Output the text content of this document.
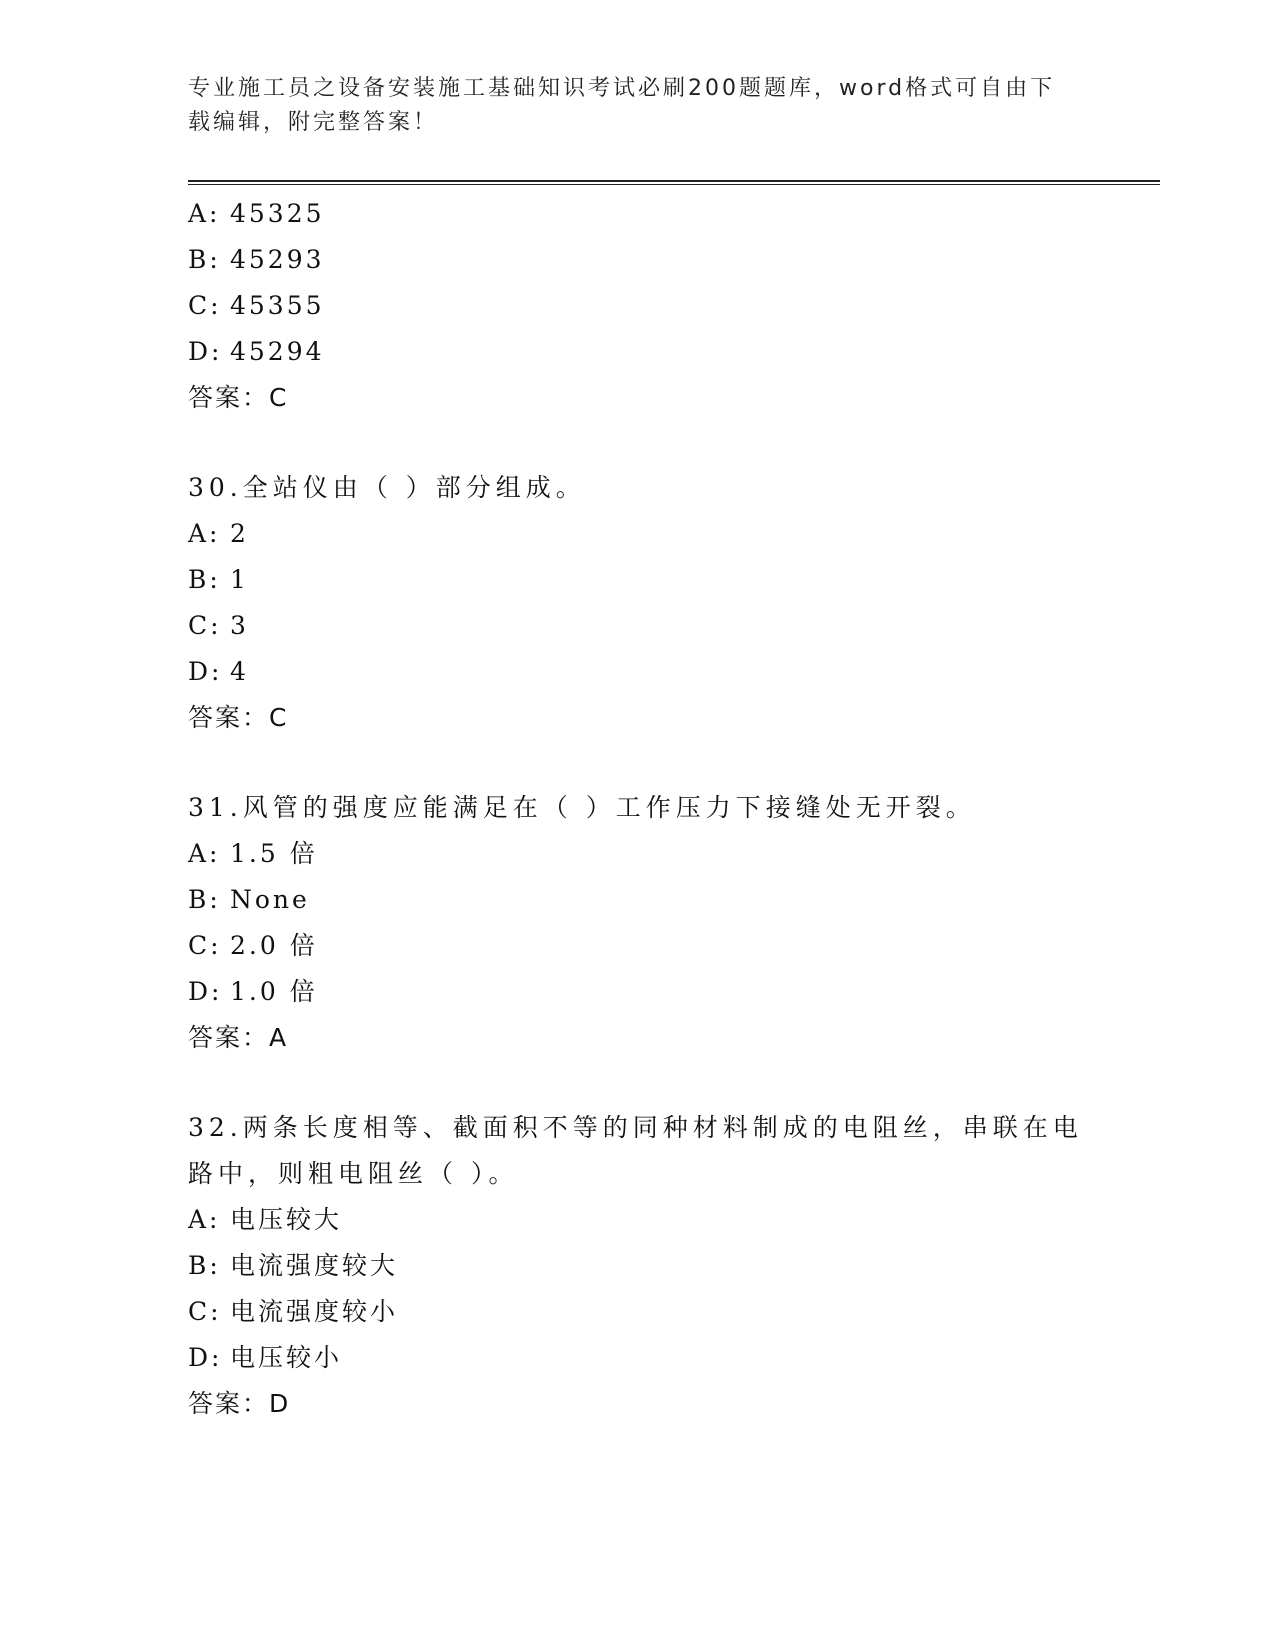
专业施工员之设备安装施工基础知识考试必刷200题题库，word格式可自由下载编辑，附完整答案！
A: 45325
B: 45293
C: 45355
D: 45294
答案：C
30.全站仪由（ ）部分组成。
A: 2
B: 1
C: 3
D: 4
答案：C
31.风管的强度应能满足在（ ）工作压力下接缝处无开裂。
A: 1.5 倍
B: None
C: 2.0 倍
D: 1.0 倍
答案：A
32.两条长度相等、截面积不等的同种材料制成的电阻丝，串联在电路中，则粗电阻丝（ ）。
A: 电压较大
B: 电流强度较大
C: 电流强度较小
D: 电压较小
答案：D
